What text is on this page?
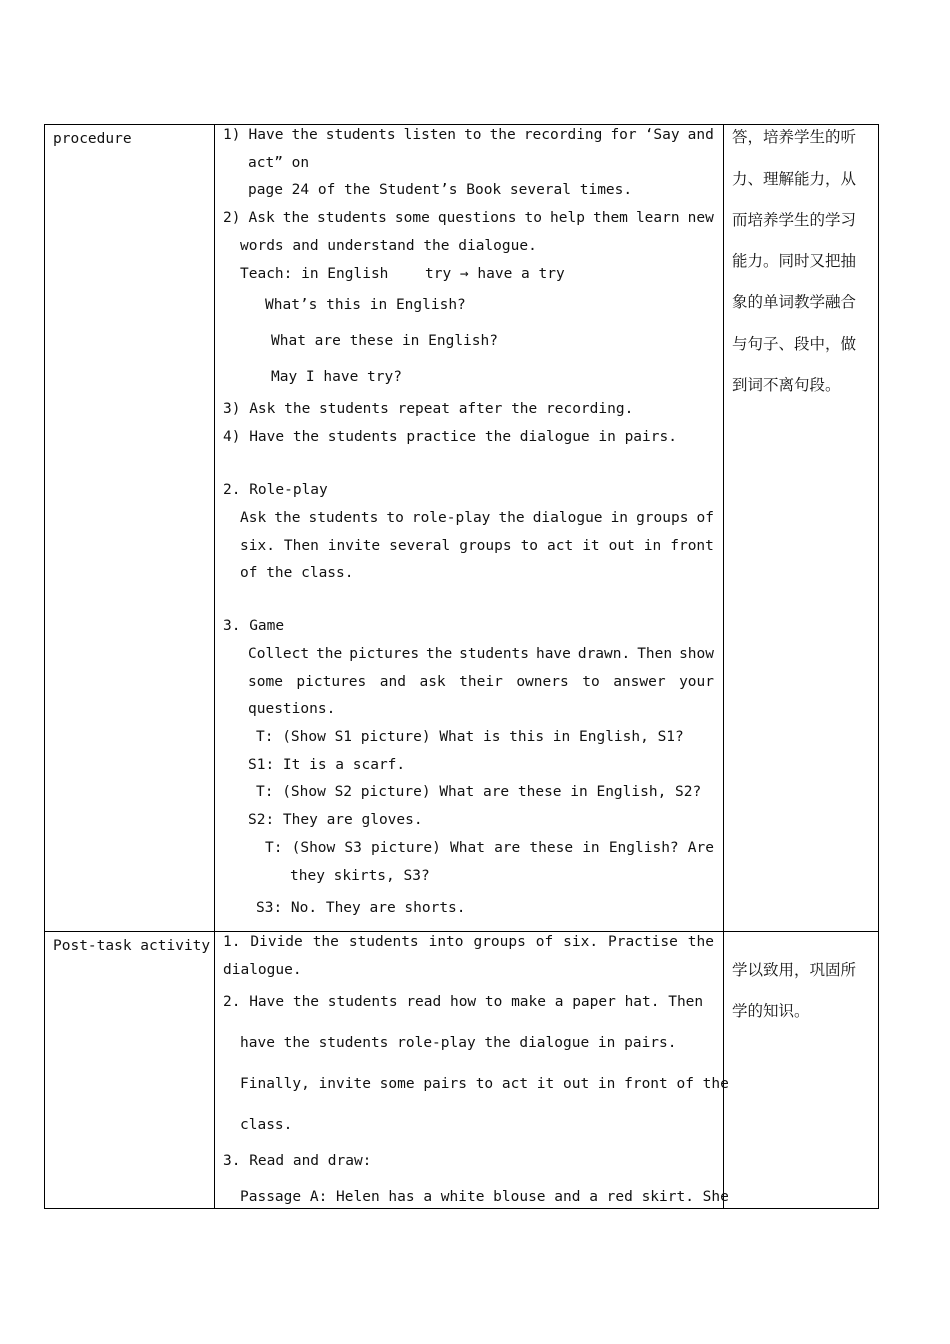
procedure	1) Have the students listen to the recording for ‘Say and
act” on
page 24 of the Student’s Book several times.
2) Ask the students some questions to help them learn new
words and understand the dialogue.
Teach: in English	try → have a try
What’s this in English?
What are these in English?
May I have try?
3) Ask the students repeat after the recording.
4) Have the students practice the dialogue in pairs.
2. Role-play
Ask the students to role-play the dialogue in groups of
six. Then invite several groups to act it out in front
of the class.
3. Game
Collect the pictures the students have drawn. Then show
some pictures and ask their owners to answer your
questions.
T: (Show S1 picture) What is this in English, S1?
S1: It is a scarf.
T: (Show S2 picture) What are these in English, S2?
S2: They are gloves.
T: (Show S3 picture) What are these in English? Are
they skirts, S3?
S3: No. They are shorts.
答，培养学生的听
力、理解能力，从
而培养学生的学习
能力。同时又把抽
象的单词教学融合
与句子、段中，做
到词不离句段。
Post-task activity 1. Divide the students into groups of six. Practise the
dialogue.
2. Have the students read how to make a paper hat. Then
have the students role-play the dialogue in pairs.
Finally, invite some pairs to act it out in front of the
class.
3. Read and draw:
Passage A: Helen has a white blouse and a red skirt. She
学以致用，巩固所
学的知识。
